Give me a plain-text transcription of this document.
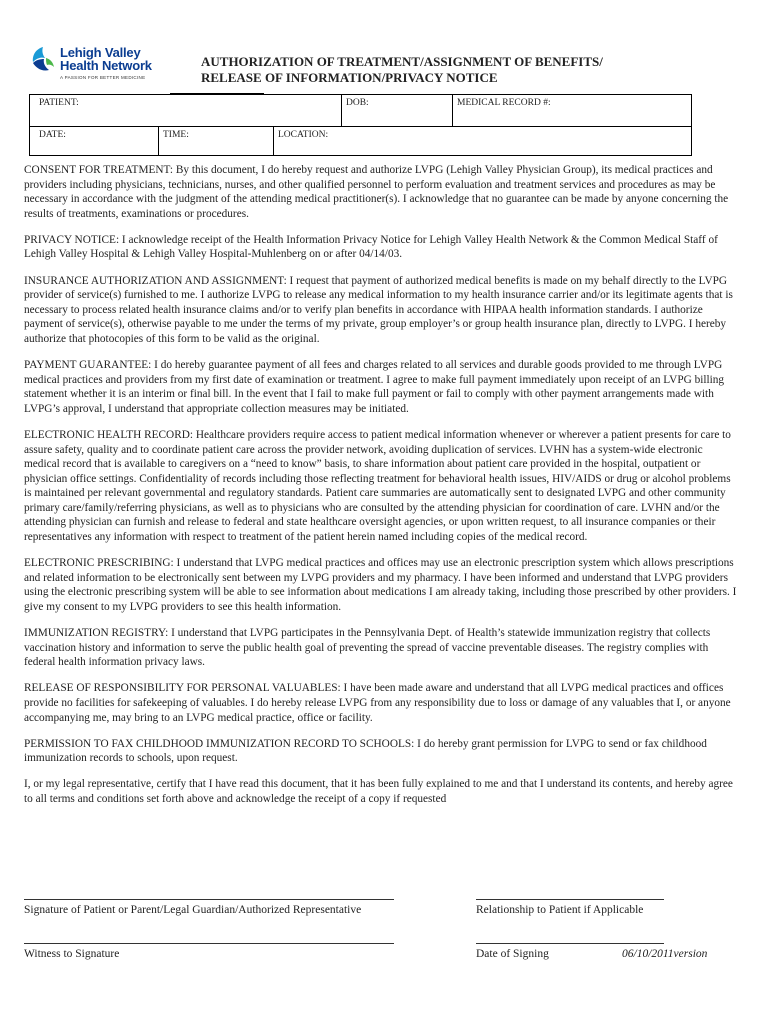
Lehigh Valley
Health Network
A PASSION FOR BETTER MEDICINE
AUTHORIZATION OF TREATMENT/ASSIGNMENT OF BENEFITS/
RELEASE OF INFORMATION/PRIVACY NOTICE
PATIENT:	DOB:	MEDICAL RECORD #:
DATE:	TIME:	LOCATION:

CONSENT FOR TREATMENT: By this document, I do hereby request and authorize LVPG (Lehigh Valley Physician Group), its medical practices and providers including physicians, technicians, nurses, and other qualified personnel to perform evaluation and treatment services and procedures as may be necessary in accordance with the judgment of the attending medical practitioner(s). I acknowledge that no guarantee can be made by anyone concerning the results of treatments, examinations or procedures.

PRIVACY NOTICE: I acknowledge receipt of the Health Information Privacy Notice for Lehigh Valley Health Network & the Common Medical Staff of Lehigh Valley Hospital & Lehigh Valley Hospital-Muhlenberg on or after 04/14/03.

INSURANCE AUTHORIZATION AND ASSIGNMENT: I request that payment of authorized medical benefits is made on my behalf directly to the LVPG provider of service(s) furnished to me. I authorize LVPG to release any medical information to my health insurance carrier and/or its legitimate agents that is necessary to process related health insurance claims and/or to verify plan benefits in accordance with HIPAA health information standards. I authorize payment of service(s), otherwise payable to me under the terms of my private, group employer’s or group health insurance plan, directly to LVPG. I hereby authorize that photocopies of this form to be valid as the original.

PAYMENT GUARANTEE: I do hereby guarantee payment of all fees and charges related to all services and durable goods provided to me through LVPG medical practices and providers from my first date of examination or treatment. I agree to make full payment immediately upon receipt of an LVPG billing statement whether it is an interim or final bill. In the event that I fail to make full payment or fail to comply with other payment arrangements made with LVPG’s approval, I understand that appropriate collection measures may be initiated.

ELECTRONIC HEALTH RECORD: Healthcare providers require access to patient medical information whenever or wherever a patient presents for care to assure safety, quality and to coordinate patient care across the provider network, avoiding duplication of services. LVHN has a system-wide electronic medical record that is available to caregivers on a “need to know” basis, to share information about patient care provided in the hospital, outpatient or physician office settings. Confidentiality of records including those reflecting treatment for behavioral health issues, HIV/AIDS or drug or alcohol problems is maintained per relevant governmental and regulatory standards. Patient care summaries are automatically sent to designated LVPG and other community primary care/family/referring physicians, as well as to physicians who are consulted by the attending physician for coordination of care. LVHN and/or the attending physician can furnish and release to federal and state healthcare oversight agencies, or upon written request, to all insurance companies or their representatives any information with respect to treatment of the patient herein named including copies of the medical record.

ELECTRONIC PRESCRIBING: I understand that LVPG medical practices and offices may use an electronic prescription system which allows prescriptions and related information to be electronically sent between my LVPG providers and my pharmacy. I have been informed and understand that LVPG providers using the electronic prescribing system will be able to see information about medications I am already taking, including those prescribed by other providers. I give my consent to my LVPG providers to see this health information.

IMMUNIZATION REGISTRY: I understand that LVPG participates in the Pennsylvania Dept. of Health’s statewide immunization registry that collects vaccination history and information to serve the public health goal of preventing the spread of vaccine preventable diseases. The registry complies with federal health information privacy laws.

RELEASE OF RESPONSIBILITY FOR PERSONAL VALUABLES: I have been made aware and understand that all LVPG medical practices and offices provide no facilities for safekeeping of valuables. I do hereby release LVPG from any responsibility due to loss or damage of any valuables that I, or anyone accompanying me, may bring to an LVPG medical practice, office or facility.

PERMISSION TO FAX CHILDHOOD IMMUNIZATION RECORD TO SCHOOLS: I do hereby grant permission for LVPG to send or fax childhood immunization records to schools, upon request.

I, or my legal representative, certify that I have read this document, that it has been fully explained to me and that I understand its contents, and hereby agree to all terms and conditions set forth above and acknowledge the receipt of a copy if requested

Signature of Patient or Parent/Legal Guardian/Authorized Representative	Relationship to Patient if Applicable
Witness to Signature	Date of Signing	06/10/2011version
